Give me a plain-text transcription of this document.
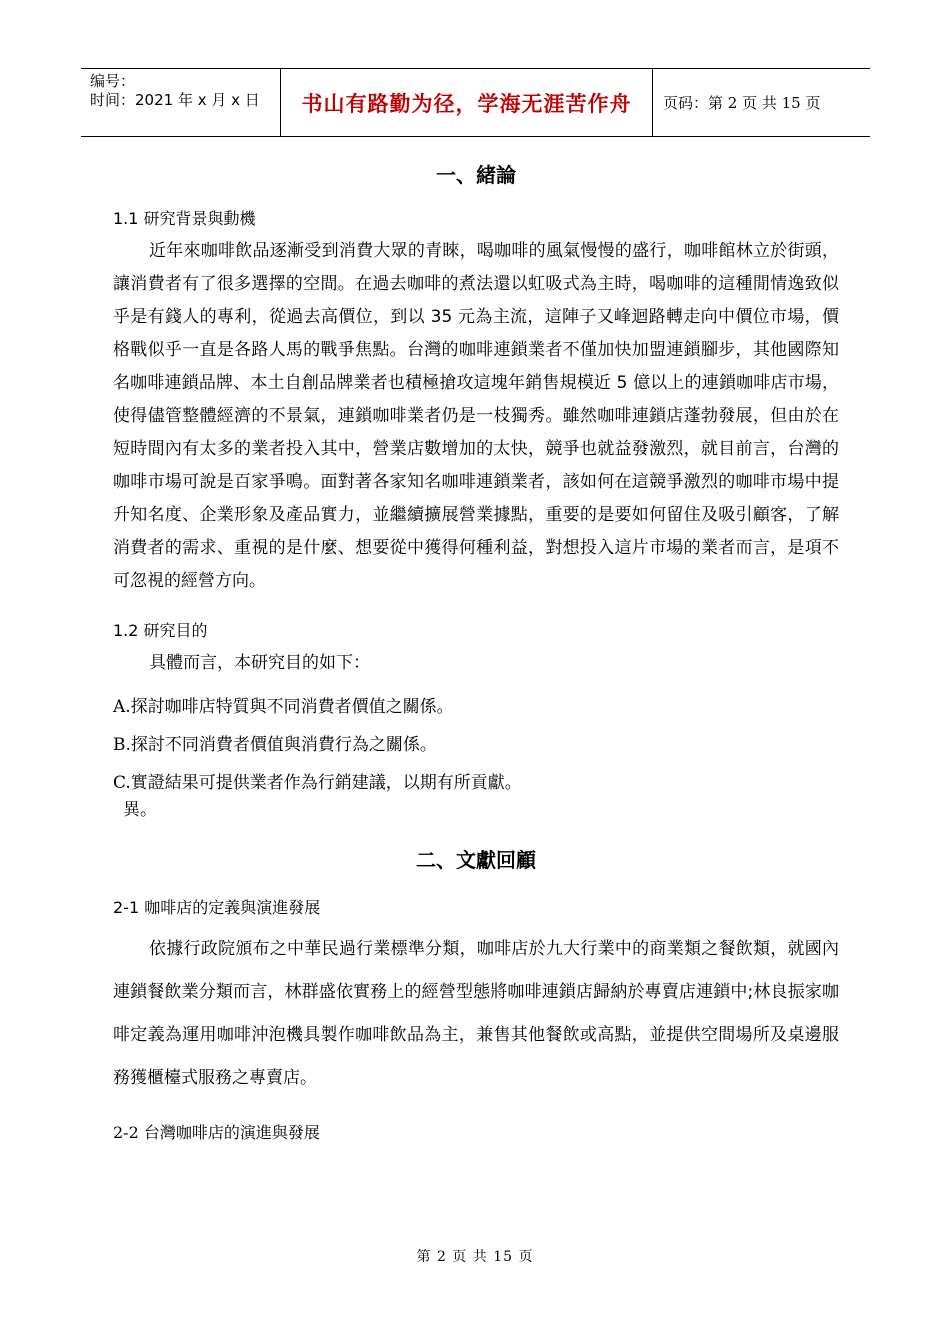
编号：
时间：2021 年 x 月 x 日	书山有路勤为径，学海无涯苦作舟 页码：第 2 页 共 15 页
一、緒論
1.1 研究背景與動機

近年來咖啡飲品逐漸受到消費大眾的青睞，喝咖啡的風氣慢慢的盛行，咖啡館林立於街頭，讓消費者有了很多選擇的空間。在過去咖啡的煮法還以虹吸式為主時，喝咖啡的這種閒情逸致似乎是有錢人的專利，從過去高價位，到以 35 元為主流，這陣子又峰迴路轉走向中價位市場，價格戰似乎一直是各路人馬的戰爭焦點。台灣的咖啡連鎖業者不僅加快加盟連鎖腳步，其他國際知名咖啡連鎖品牌、本土自創品牌業者也積極搶攻這塊年銷售規模近 5 億以上的連鎖咖啡店市場，使得儘管整體經濟的不景氣，連鎖咖啡業者仍是一枝獨秀。雖然咖啡連鎖店蓬勃發展，但由於在短時間內有太多的業者投入其中，營業店數增加的太快，競爭也就益發激烈，就目前言，台灣的咖啡市場可說是百家爭鳴。面對著各家知名咖啡連鎖業者，該如何在這競爭激烈的咖啡市場中提升知名度、企業形象及產品實力，並繼續擴展營業據點，重要的是要如何留住及吸引顧客，了解消費者的需求、重視的是什麼、想要從中獲得何種利益，對想投入這片市場的業者而言，是項不可忽視的經營方向。

1.2 研究目的

具體而言，本研究目的如下：

A.探討咖啡店特質與不同消費者價值之關係。

B.探討不同消費者價值與消費行為之關係。

C.實證結果可提供業者作為行銷建議，以期有所貢獻。

異。

二、文獻回顧
2-1 咖啡店的定義與演進發展

依據行政院頒布之中華民過行業標準分類，咖啡店於九大行業中的商業類之餐飲類，就國內連鎖餐飲業分類而言，林群盛依實務上的經營型態將咖啡連鎖店歸納於專賣店連鎖中;林良振家咖啡定義為運用咖啡沖泡機具製作咖啡飲品為主，兼售其他餐飲或高點，並提供空間場所及桌邊服務獲櫃檯式服務之專賣店。

2-2 台灣咖啡店的演進與發展
第 2 页 共 15 页
